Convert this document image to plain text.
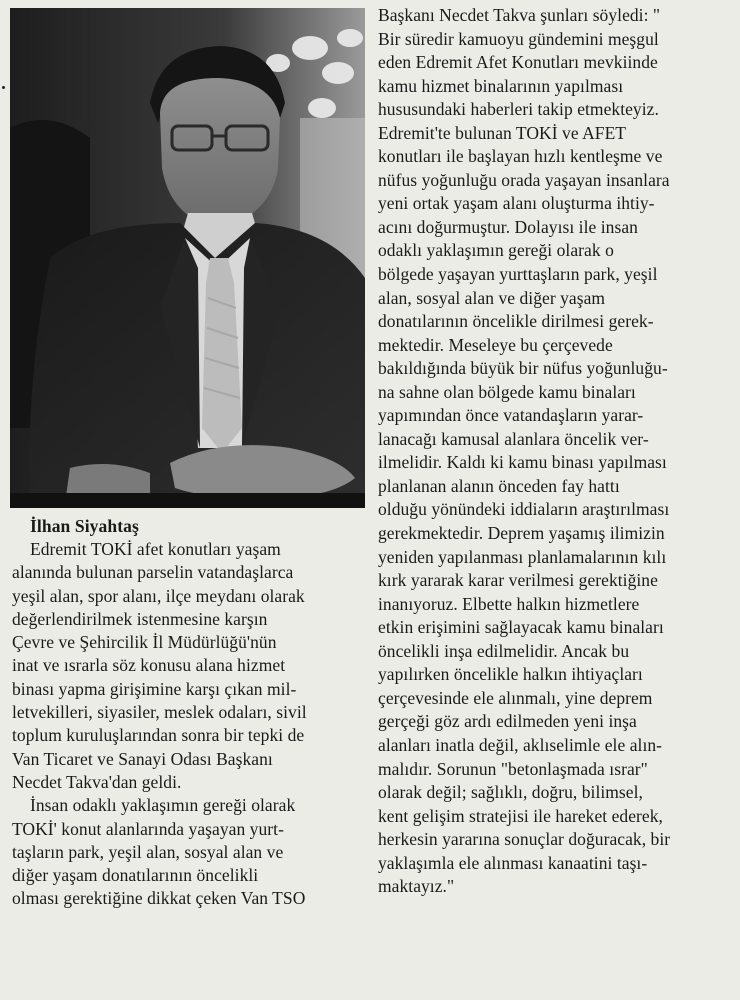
İlhan Siyahtaş

Edremit TOKİ afet konutları yaşam
alanında bulunan parselin vatandaşlarca
yeşil alan, spor alanı, ilçe meydanı olarak
değerlendirilmek istenmesine karşın
Çevre ve Şehircilik İl Müdürlüğü'nün
inat ve ısrarla söz konusu alana hizmet
binası yapma girişimine karşı çıkan mil-
letvekilleri, siyasiler, meslek odaları, sivil
toplum kuruluşlarından sonra bir tepki de
Van Ticaret ve Sanayi Odası Başkanı
Necdet Takva'dan geldi.

İnsan odaklı yaklaşımın gereği olarak
TOKİ' konut alanlarında yaşayan yurt-
taşların park, yeşil alan, sosyal alan ve
diğer yaşam donatılarının öncelikli
olması gerektiğine dikkat çeken Van TSO

Başkanı Necdet Takva şunları söyledi: "
Bir süredir kamuoyu gündemini meşgul
eden Edremit Afet Konutları mevkiinde
kamu hizmet binalarının yapılması
hususundaki haberleri takip etmekteyiz.
Edremit'te bulunan TOKİ ve AFET
konutları ile başlayan hızlı kentleşme ve
nüfus yoğunluğu orada yaşayan insanlara
yeni ortak yaşam alanı oluşturma ihtiy-
acını doğurmuştur. Dolayısı ile insan
odaklı yaklaşımın gereği olarak o
bölgede yaşayan yurttaşların park, yeşil
alan, sosyal alan ve diğer yaşam
donatılarının öncelikle dirilmesi gerek-
mektedir. Meseleye bu çerçevede
bakıldığında büyük bir nüfus yoğunluğu-
na sahne olan bölgede kamu binaları
yapımından önce vatandaşların yarar-
lanacağı kamusal alanlara öncelik ver-
ilmelidir. Kaldı ki kamu binası yapılması
planlanan alanın önceden fay hattı
olduğu yönündeki iddiaların araştırılması
gerekmektedir. Deprem yaşamış ilimizin
yeniden yapılanması planlamalarının kılı
kırk yararak karar verilmesi gerektiğine
inanıyoruz. Elbette halkın hizmetlere
etkin erişimini sağlayacak kamu binaları
öncelikli inşa edilmelidir. Ancak bu
yapılırken öncelikle halkın ihtiyaçları
çerçevesinde ele alınmalı, yine deprem
gerçeği göz ardı edilmeden yeni inşa
alanları inatla değil, aklıselimle ele alın-
malıdır. Sorunun "betonlaşmada ısrar"
olarak değil; sağlıklı, doğru, bilimsel,
kent gelişim stratejisi ile hareket ederek,
herkesin yararına sonuçlar doğuracak, bir
yaklaşımla ele alınması kanaatini taşı-
maktayız."
